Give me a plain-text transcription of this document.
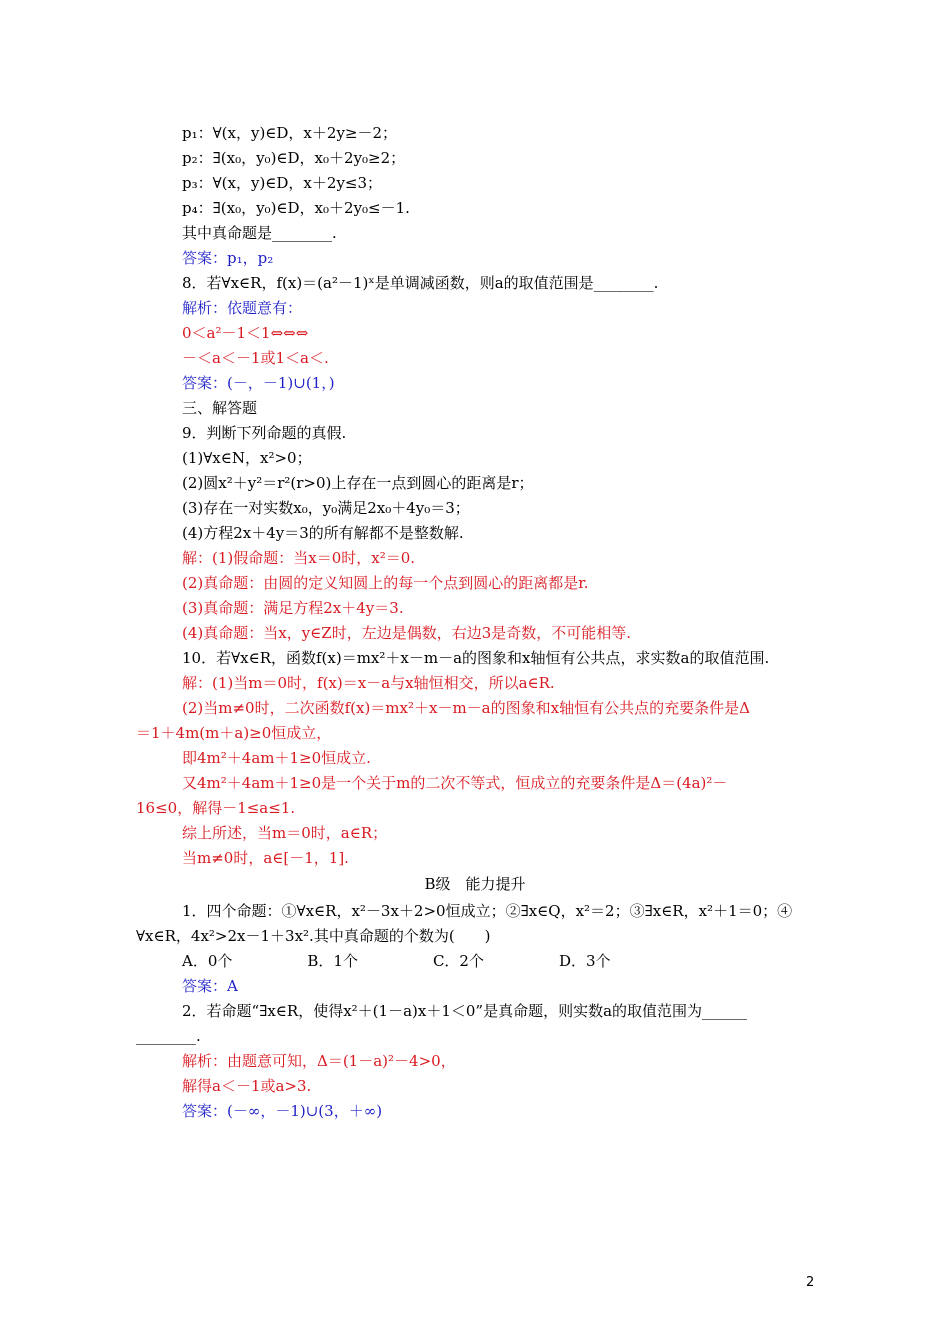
p₁：∀(x，y)∈D，x＋2y≥－2；
p₂：∃(x₀，y₀)∈D，x₀＋2y₀≥2；
p₃：∀(x，y)∈D，x＋2y≤3；
p₄：∃(x₀，y₀)∈D，x₀＋2y₀≤－1.
其中真命题是________.
答案：p₁，p₂
8．若∀x∈R，f(x)＝(a²－1)ˣ是单调减函数，则a的取值范围是________.
解析：依题意有：
0＜a²－1＜1⇔⇔⇔
－＜a＜－1或1＜a＜.
答案：(－，－1)∪(1，)
三、解答题
9．判断下列命题的真假.
(1)∀x∈N，x²>0；
(2)圆x²＋y²＝r²(r>0)上存在一点到圆心的距离是r；
(3)存在一对实数x₀，y₀满足2x₀＋4y₀＝3；
(4)方程2x＋4y＝3的所有解都不是整数解.
解：(1)假命题：当x＝0时，x²＝0.
(2)真命题：由圆的定义知圆上的每一个点到圆心的距离都是r.
(3)真命题：满足方程2x＋4y＝3.
(4)真命题：当x，y∈Z时，左边是偶数，右边3是奇数，不可能相等.
10．若∀x∈R，函数f(x)＝mx²＋x－m－a的图象和x轴恒有公共点，求实数a的取值范围.
解：(1)当m＝0时，f(x)＝x－a与x轴恒相交，所以a∈R.
(2)当m≠0时，二次函数f(x)＝mx²＋x－m－a的图象和x轴恒有公共点的充要条件是Δ
＝1＋4m(m＋a)≥0恒成立，
即4m²＋4am＋1≥0恒成立.
又4m²＋4am＋1≥0是一个关于m的二次不等式，恒成立的充要条件是Δ＝(4a)²－
16≤0，解得－1≤a≤1.
综上所述，当m＝0时，a∈R；
当m≠0时，a∈[－1，1].
B级　能力提升
1．四个命题：①∀x∈R，x²－3x＋2>0恒成立；②∃x∈Q，x²＝2；③∃x∈R，x²＋1＝0；④
∀x∈R，4x²>2x－1＋3x².其中真命题的个数为(　　)
A．0个　　　　　B．1个　　　　　C．2个　　　　　D．3个
答案：A
2．若命题“∃x∈R，使得x²＋(1－a)x＋1＜0”是真命题，则实数a的取值范围为______
________.
解析：由题意可知，Δ＝(1－a)²－4>0，
解得a＜－1或a>3.
答案：(－∞，－1)∪(3，＋∞)
2
